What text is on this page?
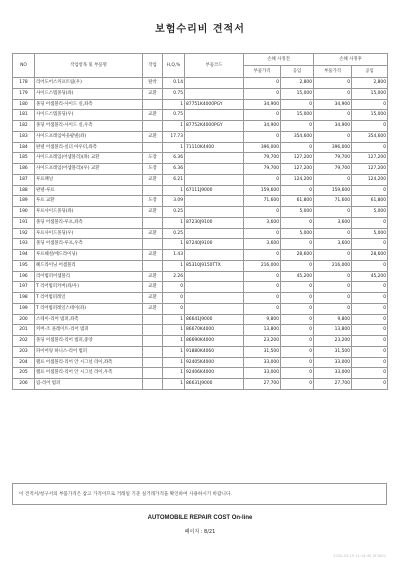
보험수리비 견적서
NO	작업항목 및 부품명	작업	H,Q,%	부품코드	손해 사정전		손해 사정후	
					부품가격	공임	부품가격	공임
178	리어도어스커프트림(우)	탈착	0.14		0	2,800	0	2,800
179	사이드스텝몰딩(좌)	교환	0.75		0	15,000	0	15,000
180	몰딩 어셈블리-사이드 실,좌측		1	87751K4000PGY	34,900	0	34,900	0
181	사이드스텝몰딩(우)	교환	0.75		0	15,000	0	15,000
182	몰딩 어셈블리-사이드 실,우측		1	87752K4000PGY	34,900	0	34,900	0
183	사이드프레임아웃팡넬(좌)	교환	17.73		0	354,600	0	354,600
184	판넬 어셈블리-실더 아우터,좌측		1	71110K4400	396,000	0	396,000	0
185	사이드프레임(어셈블리)(좌) 교환	도장	6.36		79,700	127,200	79,700	127,200
186	사이드프레임(어셈블리)(우) 교환	도장	6.36		79,700	127,200	79,700	127,200
187	루프패널	교환	6.21		0	124,200	0	124,200
188	판넬-루프		1	67111J9000	159,600	0	159,600	0
189	루프 교환	도장	3.09		71,600	61,800	71,600	61,800
190	루프사이드몰딩(좌)	교환	0.25		0	5,000	0	5,000
191	몰딩 어셈블리-루프,좌측		1	87230J9100	3,600	0	3,600	0
192	루프사이드몰딩(우)	교환	0.25		0	5,000	0	5,000
193	몰딩 어셈블리-루프,우측		1	87240J9100	3,600	0	3,600	0
194	루프헤설/에드라이닝)	교환	1.43		0	28,600	0	28,600
195	헤드라이닝 어셈블리		1	85310J9150TTX	216,000	0	216,000	0
196	리어범퍼어셈블리	교환	2.26		0	45,200	0	45,200
197	T 리어범퍼커버(좌/우)	교환	0		0	0	0	0
198	T 리어범퍼레일	교환	0		0	0	0	0
199	T 리어범퍼레일스테이(좌)	교환	0		0	0	0	0
200	스테이-리어 범퍼,좌측		1	86641J9000	9,800	0	9,800	0
201	커버-조 플레이트-리어 범퍼		1	86670K4000	13,800	0	13,800	0
202	몰딩 어셈블리-리어 범퍼,중앙		1	86690K4000	23,200	0	23,200	0
203	파이어링 하니스-리어 범퍼		1	91880K4060	31,500	0	31,500	0
204	램프 어셈블리-리어 안 시그널 라이,좌측		1	92405K4000	33,000	0	33,000	0
205	램프 어셈블리-리어 안 시그널 라이,우측		1	92406K4000	33,000	0	33,000	0
206	립-리어 범퍼		1	86631J9000	27,700	0	27,700	0
이 견적서/청구서의 부품가격은 참고 가격이므로 거래일 기준 실거래가격을 확인하여 사용하시기 바랍니다.
AUTOMOBILE REPAIR COST On-line
페이지 : 8/21
2020-03-19 11:14:40 AT1801
